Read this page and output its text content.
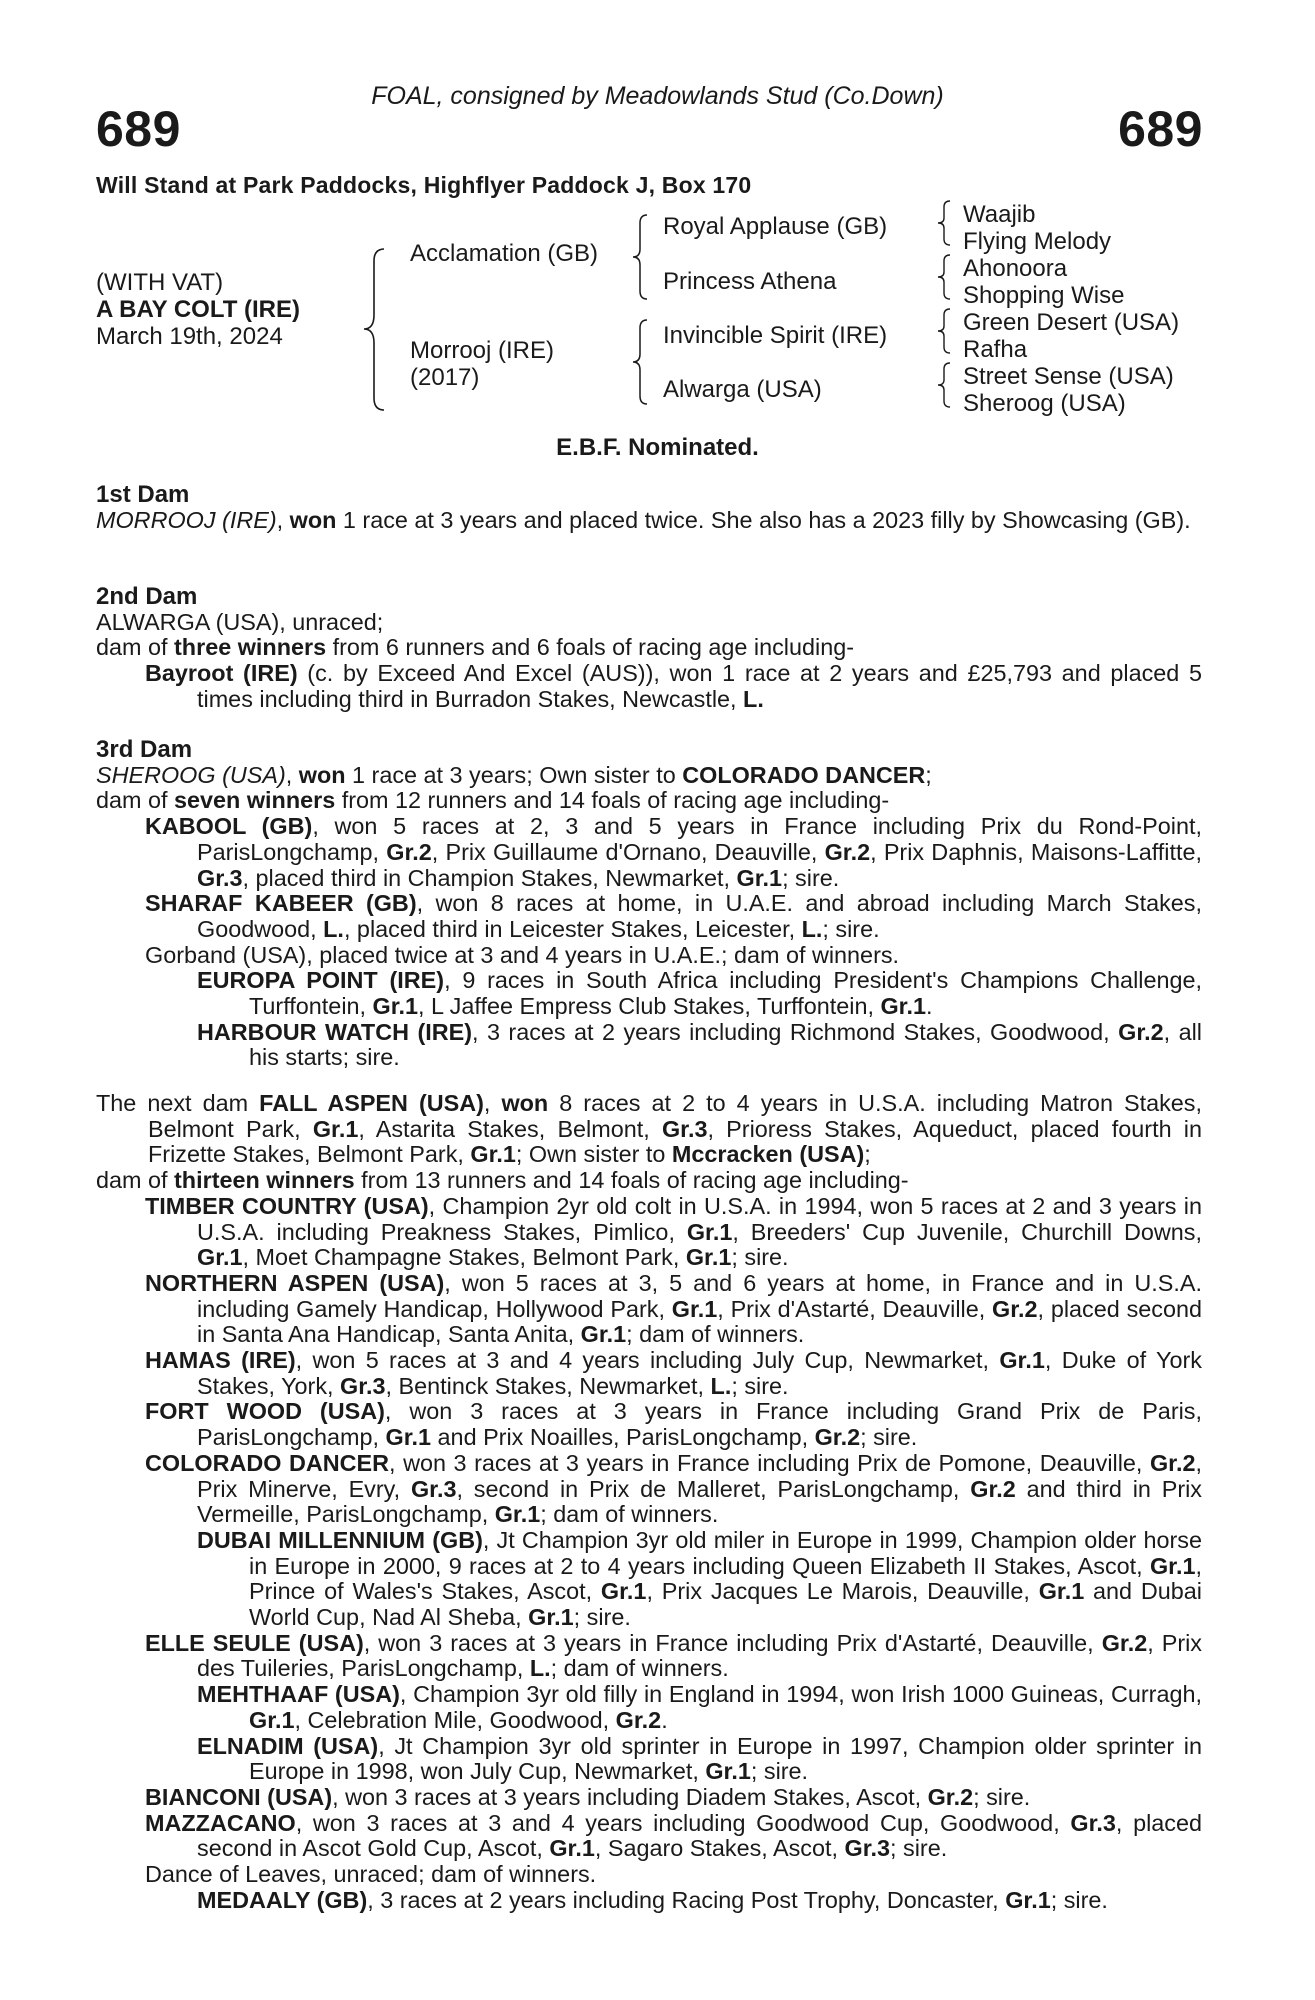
FOAL, consigned by Meadowlands Stud (Co.Down)
689	689
Will Stand at Park Paddocks, Highflyer Paddock J, Box 170
(WITH VAT)
A BAY COLT (IRE)
March 19th, 2024
Acclamation (GB)
Morrooj (IRE)
(2017)
Royal Applause (GB)
Princess Athena
Invincible Spirit (IRE)
Alwarga (USA)
Waajib
Flying Melody
Ahonoora
Shopping Wise
Green Desert (USA)
Rafha
Street Sense (USA)
Sheroog (USA)
E.B.F. Nominated.

1st Dam

MORROOJ (IRE), won 1 race at 3 years and placed twice. She also has a 2023 filly by Showcasing (GB).

2nd Dam

ALWARGA (USA), unraced;

dam of three winners from 6 runners and 6 foals of racing age including-

Bayroot (IRE) (c. by Exceed And Excel (AUS)), won 1 race at 2 years and £25,793 and placed 5 times including third in Burradon Stakes, Newcastle, L.

3rd Dam

SHEROOG (USA), won 1 race at 3 years; Own sister to COLORADO DANCER;

dam of seven winners from 12 runners and 14 foals of racing age including-

KABOOL (GB), won 5 races at 2, 3 and 5 years in France including Prix du Rond-Point, ParisLongchamp, Gr.2, Prix Guillaume d'Ornano, Deauville, Gr.2, Prix Daphnis, Maisons-Laffitte, Gr.3, placed third in Champion Stakes, Newmarket, Gr.1; sire.

SHARAF KABEER (GB), won 8 races at home, in U.A.E. and abroad including March Stakes, Goodwood, L., placed third in Leicester Stakes, Leicester, L.; sire.

Gorband (USA), placed twice at 3 and 4 years in U.A.E.; dam of winners.

EUROPA POINT (IRE), 9 races in South Africa including President's Champions Challenge, Turffontein, Gr.1, L Jaffee Empress Club Stakes, Turffontein, Gr.1.

HARBOUR WATCH (IRE), 3 races at 2 years including Richmond Stakes, Goodwood, Gr.2, all his starts; sire.

The next dam FALL ASPEN (USA), won 8 races at 2 to 4 years in U.S.A. including Matron Stakes, Belmont Park, Gr.1, Astarita Stakes, Belmont, Gr.3, Prioress Stakes, Aqueduct, placed fourth in Frizette Stakes, Belmont Park, Gr.1; Own sister to Mccracken (USA);

dam of thirteen winners from 13 runners and 14 foals of racing age including-

TIMBER COUNTRY (USA), Champion 2yr old colt in U.S.A. in 1994, won 5 races at 2 and 3 years in U.S.A. including Preakness Stakes, Pimlico, Gr.1, Breeders' Cup Juvenile, Churchill Downs, Gr.1, Moet Champagne Stakes, Belmont Park, Gr.1; sire.

NORTHERN ASPEN (USA), won 5 races at 3, 5 and 6 years at home, in France and in U.S.A. including Gamely Handicap, Hollywood Park, Gr.1, Prix d'Astarté, Deauville, Gr.2, placed second in Santa Ana Handicap, Santa Anita, Gr.1; dam of winners.

HAMAS (IRE), won 5 races at 3 and 4 years including July Cup, Newmarket, Gr.1, Duke of York Stakes, York, Gr.3, Bentinck Stakes, Newmarket, L.; sire.

FORT WOOD (USA), won 3 races at 3 years in France including Grand Prix de Paris, ParisLongchamp, Gr.1 and Prix Noailles, ParisLongchamp, Gr.2; sire.

COLORADO DANCER, won 3 races at 3 years in France including Prix de Pomone, Deauville, Gr.2, Prix Minerve, Evry, Gr.3, second in Prix de Malleret, ParisLongchamp, Gr.2 and third in Prix Vermeille, ParisLongchamp, Gr.1; dam of winners.

DUBAI MILLENNIUM (GB), Jt Champion 3yr old miler in Europe in 1999, Champion older horse in Europe in 2000, 9 races at 2 to 4 years including Queen Elizabeth II Stakes, Ascot, Gr.1, Prince of Wales's Stakes, Ascot, Gr.1, Prix Jacques Le Marois, Deauville, Gr.1 and Dubai World Cup, Nad Al Sheba, Gr.1; sire.

ELLE SEULE (USA), won 3 races at 3 years in France including Prix d'Astarté, Deauville, Gr.2, Prix des Tuileries, ParisLongchamp, L.; dam of winners.

MEHTHAAF (USA), Champion 3yr old filly in England in 1994, won Irish 1000 Guineas, Curragh, Gr.1, Celebration Mile, Goodwood, Gr.2.

ELNADIM (USA), Jt Champion 3yr old sprinter in Europe in 1997, Champion older sprinter in Europe in 1998, won July Cup, Newmarket, Gr.1; sire.

BIANCONI (USA), won 3 races at 3 years including Diadem Stakes, Ascot, Gr.2; sire.

MAZZACANO, won 3 races at 3 and 4 years including Goodwood Cup, Goodwood, Gr.3, placed second in Ascot Gold Cup, Ascot, Gr.1, Sagaro Stakes, Ascot, Gr.3; sire.

Dance of Leaves, unraced; dam of winners.

MEDAALY (GB), 3 races at 2 years including Racing Post Trophy, Doncaster, Gr.1; sire.
